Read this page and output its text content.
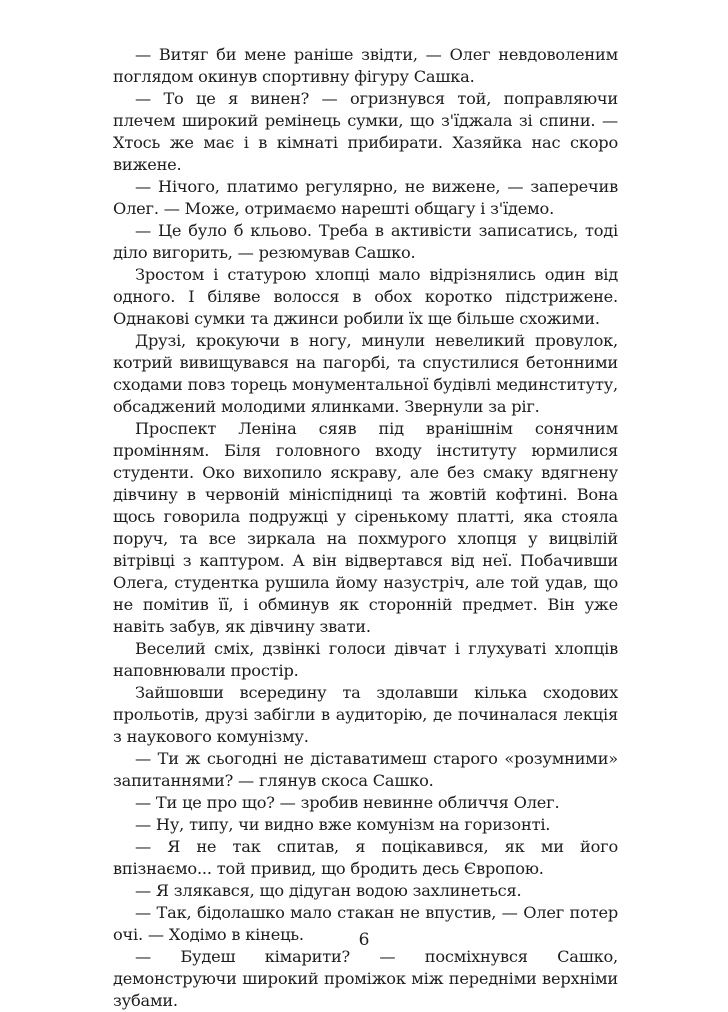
— Витяг би мене раніше звідти, — Олег невдоволеним поглядом окинув спортивну фігуру Сашка.

— То це я винен? — огризнувся той, поправляючи плечем широкий ремінець сумки, що з'їджала зі спини. — Хтось же має і в кімнаті прибирати. Хазяйка нас скоро вижене.

— Нічого, платимо регулярно, не вижене, — заперечив Олег. — Може, отримаємо нарешті общагу і з'їдемо.

— Це було б кльово. Треба в активісти записатись, тоді діло вигорить, — резюмував Сашко.

Зростом і статурою хлопці мало відрізнялись один від одного. І біляве волосся в обох коротко підстрижене. Однакові сумки та джинси робили їх ще більше схожими.

Друзі, крокуючи в ногу, минули невеликий провулок, котрий вивищувався на пагорбі, та спустилися бетонними сходами повз торець монументальної будівлі мединституту, обсаджений молодими ялинками. Звернули за ріг.

Проспект Леніна сяяв під вранішнім сонячним промінням. Біля головного входу інституту юрмилися студенти. Око вихопило яскраву, але без смаку вдягнену дівчину в червоній мініспідниці та жовтій кофтині. Вона щось говорила подружці у сіренькому платті, яка стояла поруч, та все зиркала на похмурого хлопця у вицвілій вітрівці з каптуром. А він відвертався від неї. Побачивши Олега, студентка рушила йому назустріч, але той удав, що не помітив її, і обминув як сторонній предмет. Він уже навіть забув, як дівчину звати.

Веселий сміх, дзвінкі голоси дівчат і глухуваті хлопців наповнювали простір.

Зайшовши всередину та здолавши кілька сходових прольотів, друзі забігли в аудиторію, де починалася лекція з наукового комунізму.

— Ти ж сьогодні не діставатимеш старого «розумними» запитаннями? — глянув скоса Сашко.

— Ти це про що? — зробив невинне обличчя Олег.

— Ну, типу, чи видно вже комунізм на горизонті.

— Я не так спитав, я поцікавився, як ми його впізнаємо... той привид, що бродить десь Європою.

— Я злякався, що дідуган водою захлинеться.

— Так, бідолашко мало стакан не впустив, — Олег потер очі. — Ходімо в кінець.

— Будеш кімарити? — посміхнувся Сашко, демонструючи широкий проміжок між передніми верхніми зубами.

6
